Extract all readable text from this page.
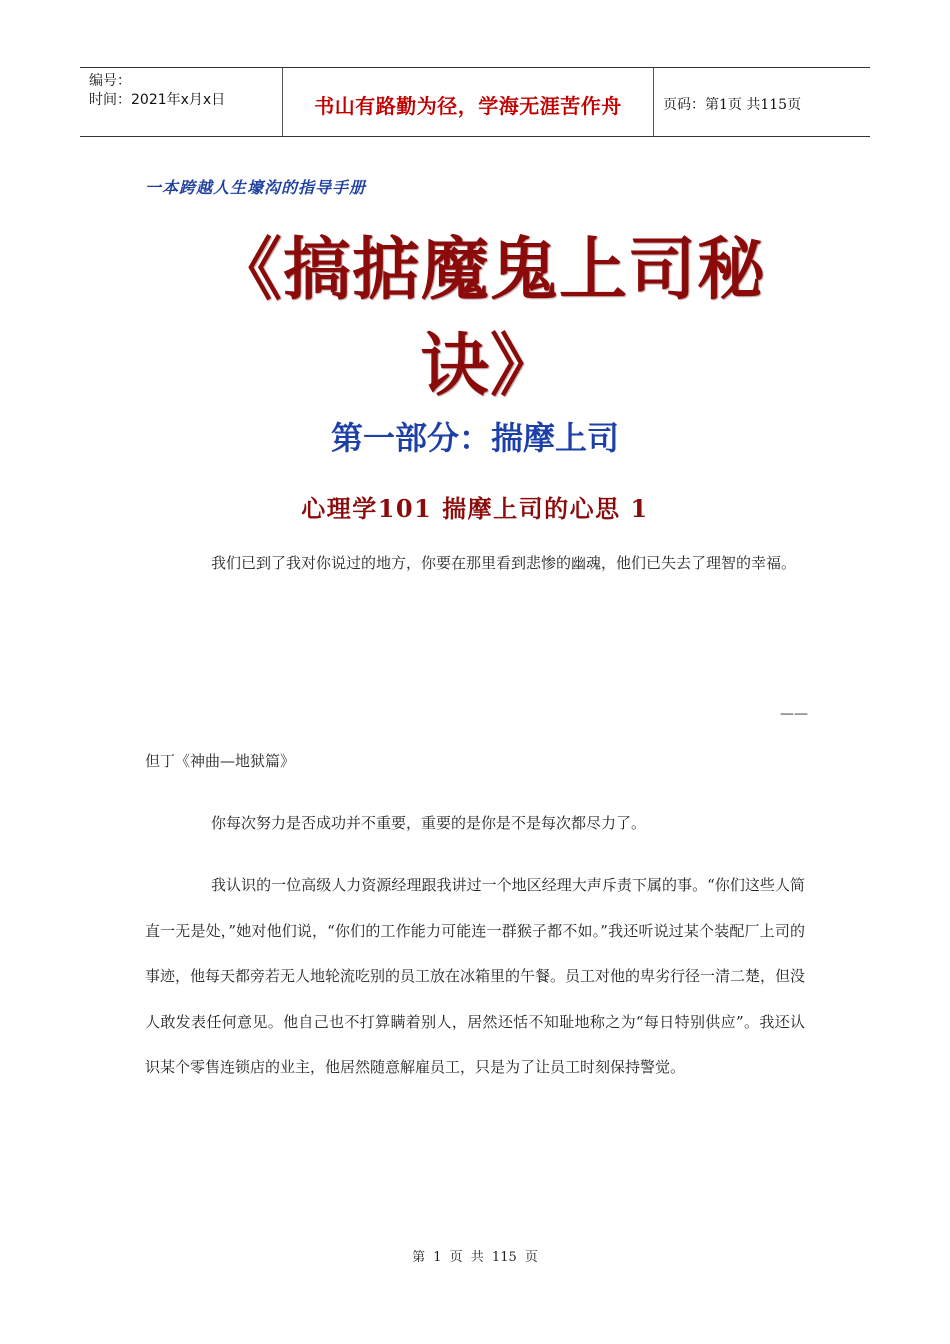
编号：
时间：2021年x月x日	书山有路勤为径，学海无涯苦作舟	页码：第1页 共115页
一本跨越人生壕沟的指导手册
《搞掂魔鬼上司秘诀》
第一部分：揣摩上司
心理学101 揣摩上司的心思 1
我们已到了我对你说过的地方，你要在那里看到悲惨的幽魂，他们已失去了理智的幸福。
——
但丁《神曲—地狱篇》
你每次努力是否成功并不重要，重要的是你是不是每次都尽力了。
我认识的一位高级人力资源经理跟我讲过一个地区经理大声斥责下属的事。“你们这些人简直一无是处，”她对他们说，“你们的工作能力可能连一群猴子都不如。”我还听说过某个装配厂上司的事迹，他每天都旁若无人地轮流吃别的员工放在冰箱里的午餐。员工对他的卑劣行径一清二楚，但没人敢发表任何意见。他自己也不打算瞒着别人，居然还恬不知耻地称之为“每日特别供应”。我还认识某个零售连锁店的业主，他居然随意解雇员工，只是为了让员工时刻保持警觉。
第 1 页 共 115 页
